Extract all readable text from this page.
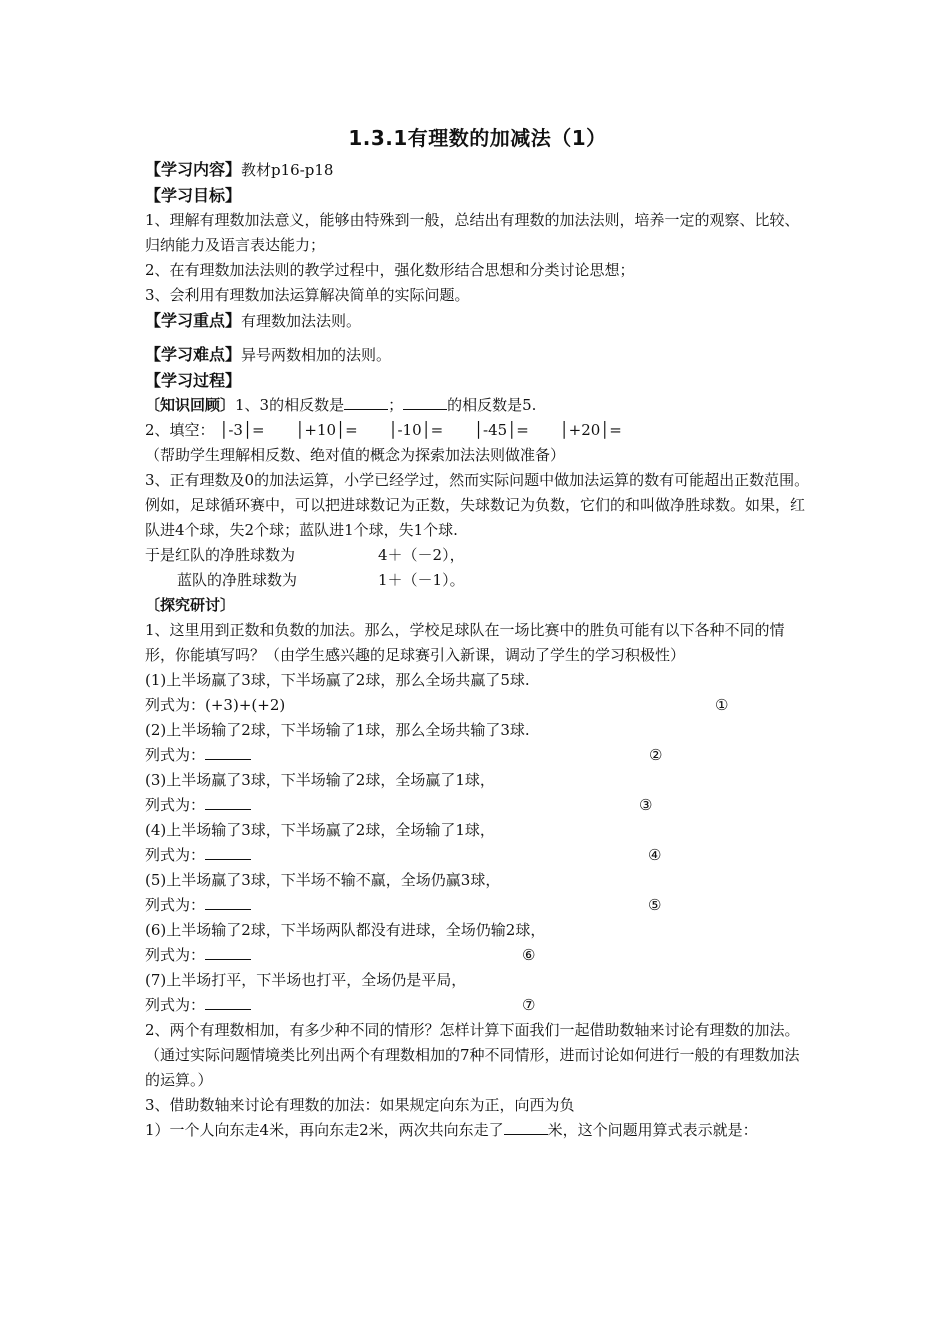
1.3.1有理数的加减法（1）
【学习内容】教材p16-p18
【学习目标】
1、理解有理数加法意义，能够由特殊到一般，总结出有理数的加法法则，培养一定的观察、比较、归纳能力及语言表达能力；
2、在有理数加法法则的教学过程中，强化数形结合思想和分类讨论思想；
3、会利用有理数加法运算解决简单的实际问题。
【学习重点】有理数加法法则。
【学习难点】异号两数相加的法则。
【学习过程】
〔知识回顾〕1、3的相反数是	；	的相反数是5.
2、填空： │-3│= │+10│= │-10│= │-45│= │+20│=
（帮助学生理解相反数、绝对值的概念为探索加法法则做准备）
3、正有理数及0的加法运算，小学已经学过，然而实际问题中做加法运算的数有可能超出正数范围。例如，足球循环赛中，可以把进球数记为正数，失球数记为负数，它们的和叫做净胜球数。如果，红队进4个球，失2个球；蓝队进1个球，失1个球.
于是红队的净胜球数为	4＋（－2），
蓝队的净胜球数为	1＋（－1）。
〔探究研讨〕
1、这里用到正数和负数的加法。那么，学校足球队在一场比赛中的胜负可能有以下各种不同的情形，你能填写吗？（由学生感兴趣的足球赛引入新课，调动了学生的学习积极性）
(1)上半场赢了3球，下半场赢了2球，那么全场共赢了5球.
列式为：(+3)+(+2)	①
(2)上半场输了2球，下半场输了1球，那么全场共输了3球.
列式为：	②
(3)上半场赢了3球，下半场输了2球，全场赢了1球，
列式为：	③
(4)上半场输了3球，下半场赢了2球，全场输了1球，
列式为：	④
(5)上半场赢了3球，下半场不输不赢，全场仍赢3球，
列式为：	⑤
(6)上半场输了2球，下半场两队都没有进球，全场仍输2球，
列式为：	⑥
(7)上半场打平，下半场也打平，全场仍是平局，
列式为：	⑦
2、两个有理数相加，有多少种不同的情形？怎样计算下面我们一起借助数轴来讨论有理数的加法。
（通过实际问题情境类比列出两个有理数相加的7种不同情形，进而讨论如何进行一般的有理数加法的运算。）
3、借助数轴来讨论有理数的加法：如果规定向东为正，向西为负
1）一个人向东走4米，再向东走2米，两次共向东走了	米，这个问题用算式表示就是：
